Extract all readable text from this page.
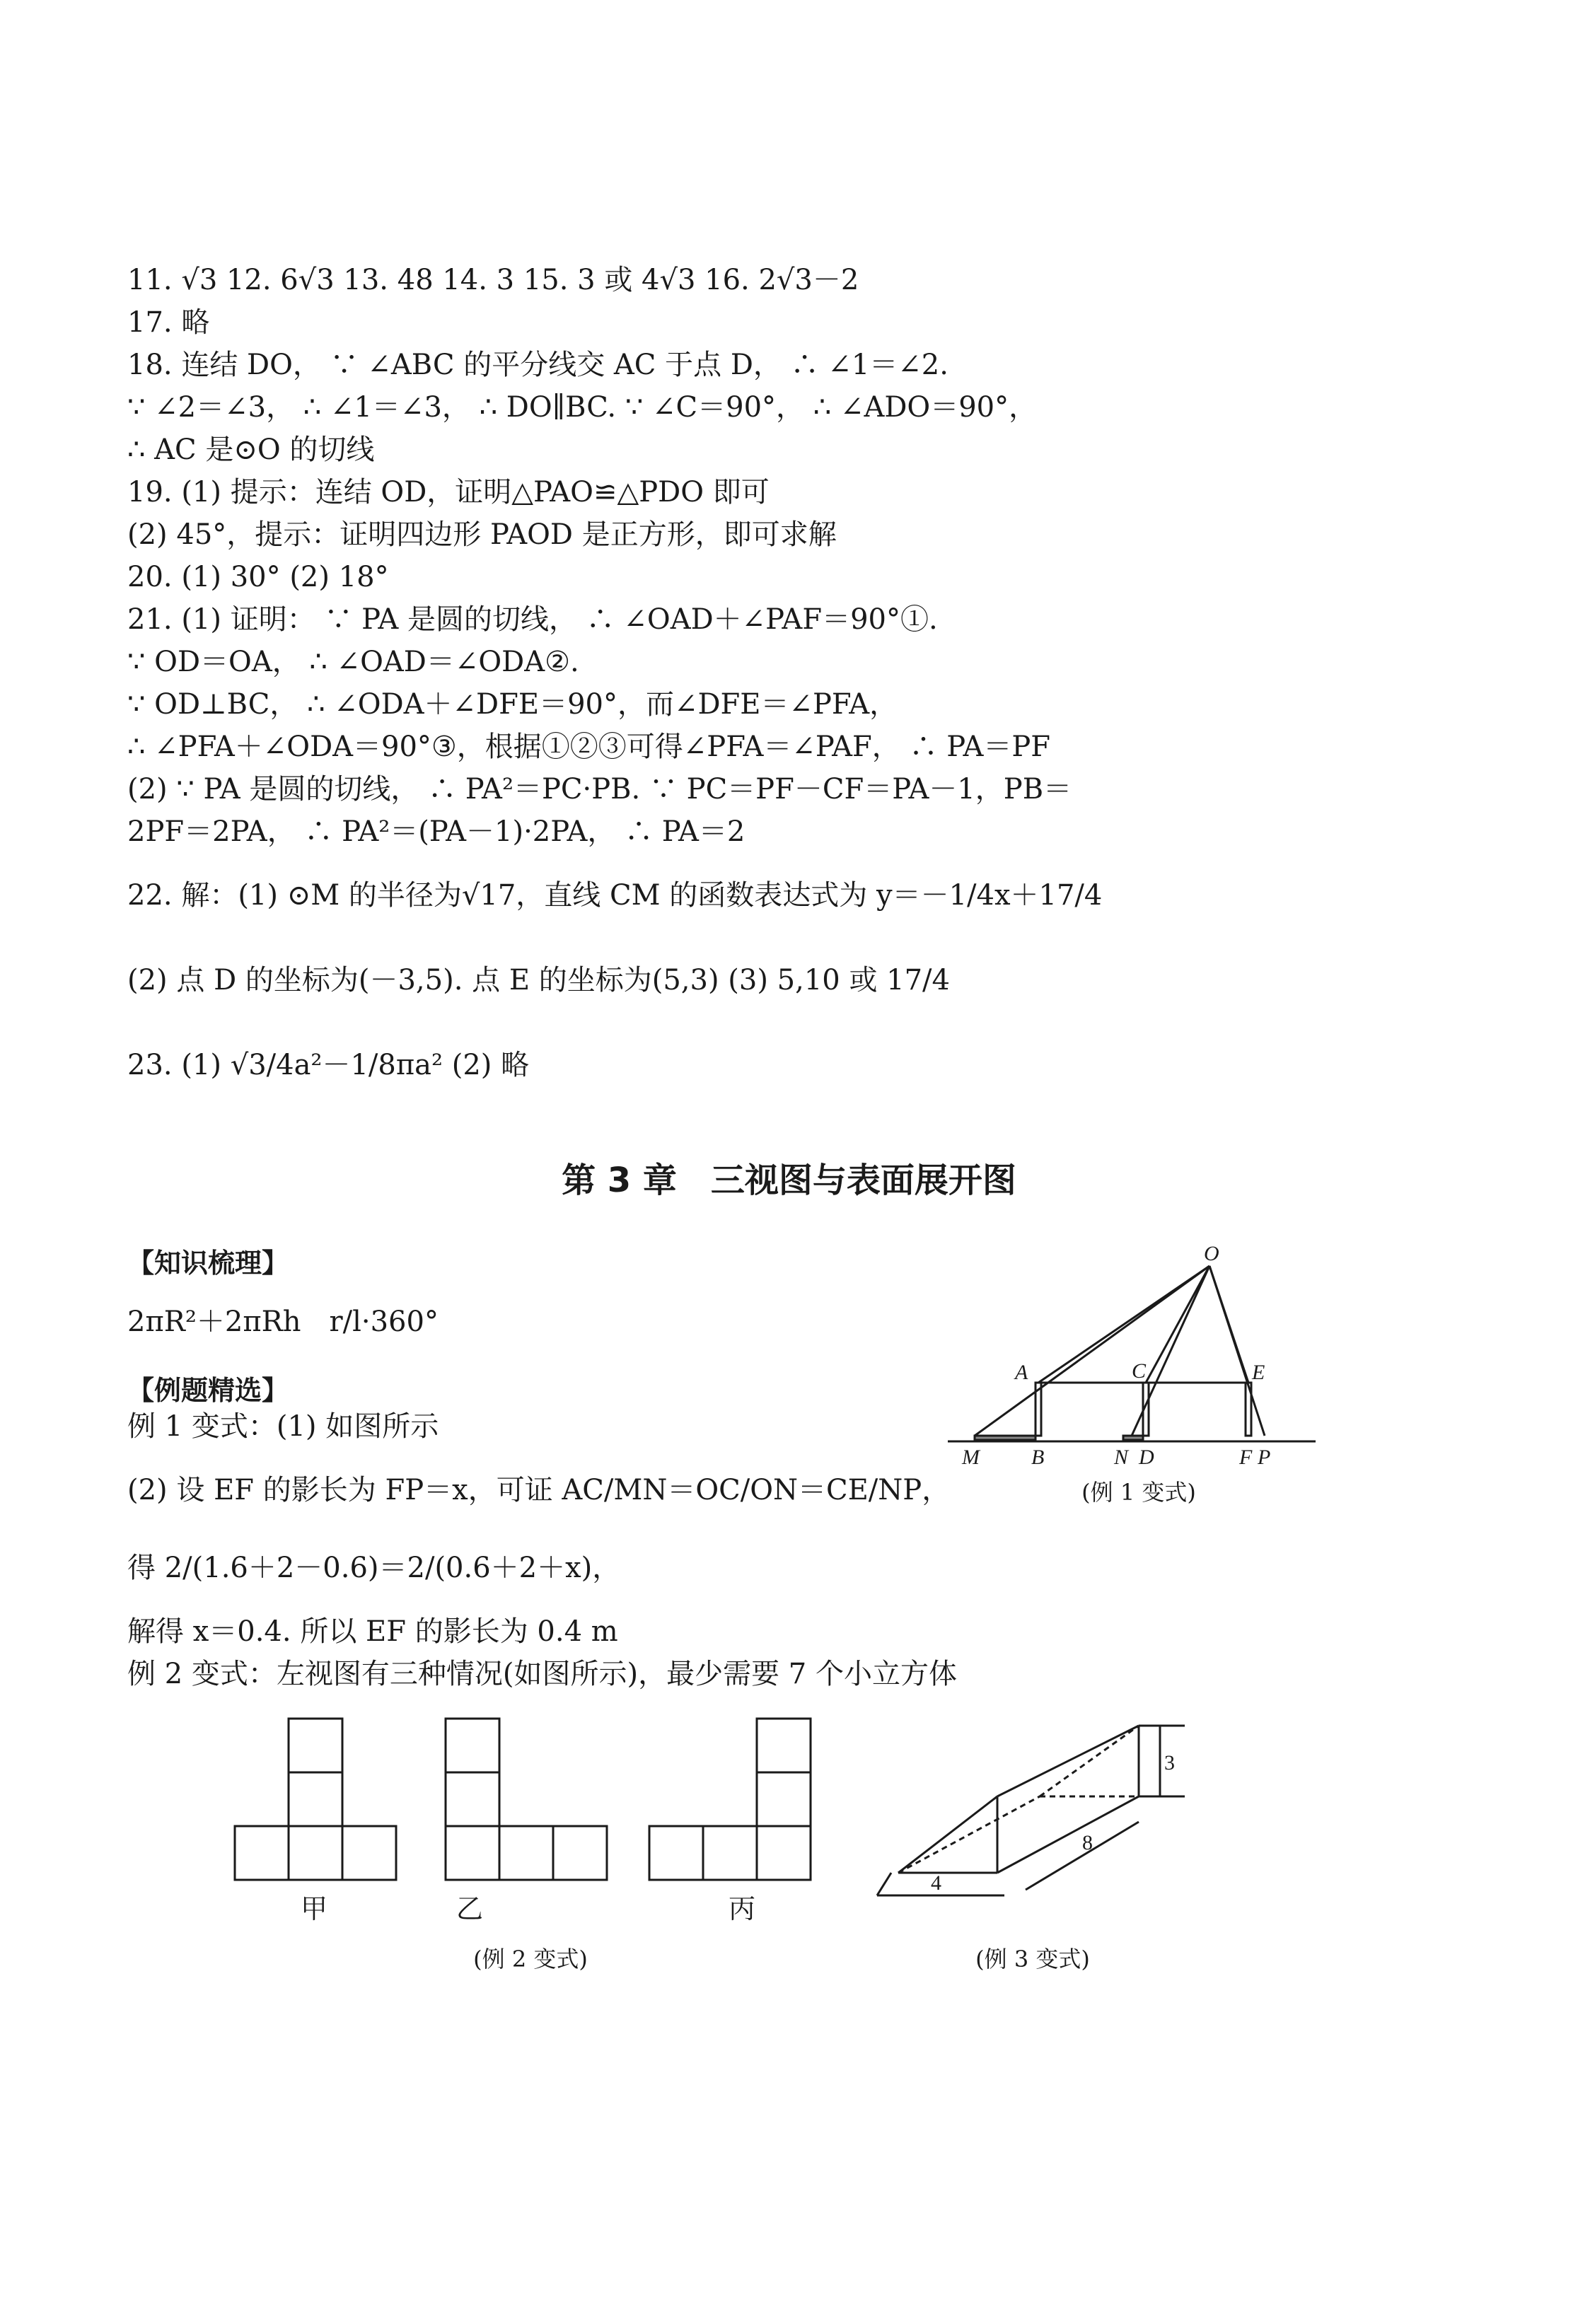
11. √3 12. 6√3 13. 48 14. 3 15. 3 或 4√3 16. 2√3－2
17. 略
18. 连结 DO， ∵ ∠ABC 的平分线交 AC 于点 D， ∴ ∠1＝∠2.
∵ ∠2＝∠3， ∴ ∠1＝∠3， ∴ DO∥BC. ∵ ∠C＝90°， ∴ ∠ADO＝90°，
∴ AC 是⊙O 的切线
19. (1) 提示：连结 OD，证明△PAO≌△PDO 即可
(2) 45°，提示：证明四边形 PAOD 是正方形，即可求解
20. (1) 30° (2) 18°
21. (1) 证明： ∵ PA 是圆的切线， ∴ ∠OAD＋∠PAF＝90°①.
∵ OD＝OA， ∴ ∠OAD＝∠ODA②.
∵ OD⊥BC， ∴ ∠ODA＋∠DFE＝90°，而∠DFE＝∠PFA，
∴ ∠PFA＋∠ODA＝90°③，根据①②③可得∠PFA＝∠PAF， ∴ PA＝PF
(2) ∵ PA 是圆的切线， ∴ PA²＝PC·PB. ∵ PC＝PF－CF＝PA－1，PB＝
2PF＝2PA， ∴ PA²＝(PA－1)·2PA， ∴ PA＝2
22. 解：(1) ⊙M 的半径为√17，直线 CM 的函数表达式为 y＝－1/4x＋17/4
(2) 点 D 的坐标为(－3,5). 点 E 的坐标为(5,3) (3) 5,10 或 17/4
23. (1) √3/4a²－1/8πa² (2) 略
第 3 章　三视图与表面展开图
【知识梳理】
2πR²＋2πRh　r/l·360°
【例题精选】
例 1 变式：(1) 如图所示
(2) 设 EF 的影长为 FP＝x，可证 AC/MN＝OC/ON＝CE/NP，
得 2/(1.6＋2－0.6)＝2/(0.6＋2＋x)，
解得 x＝0.4. 所以 EF 的影长为 0.4 m
例 2 变式：左视图有三种情况(如图所示)，最少需要 7 个小立方体
O
A	C	E
M B	N D	F P
(例 1 变式)
甲	乙	丙
(例 2 变式)
3
8
4
(例 3 变式)
